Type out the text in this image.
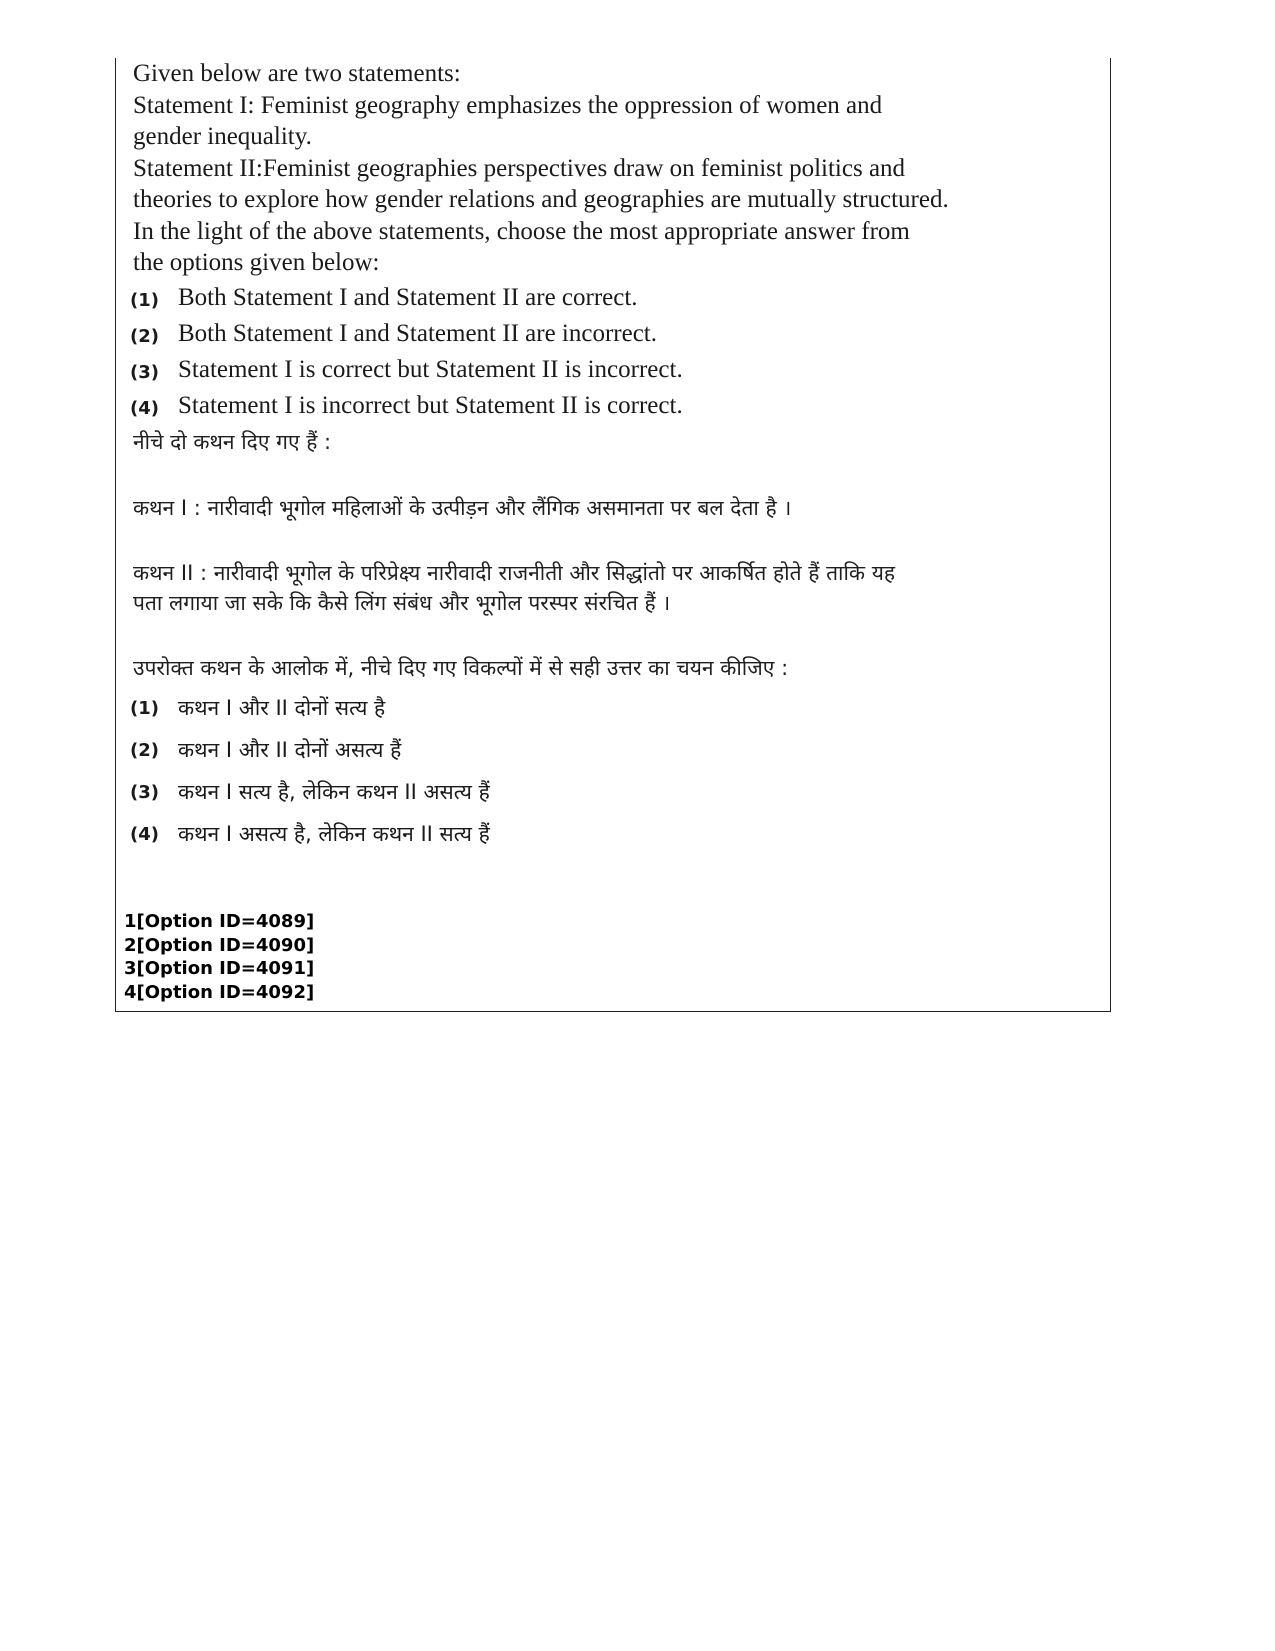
Given below are two statements:
Statement I: Feminist geography emphasizes the oppression of women and
gender inequality.
Statement II:Feminist geographies perspectives draw on feminist politics and
theories to explore how gender relations and geographies are mutually structured.
In the light of the above statements, choose the most appropriate answer from
the options given below:
(1) Both Statement I and Statement II are correct.
(2) Both Statement I and Statement II are incorrect.
(3) Statement I is correct but Statement II is incorrect.
(4) Statement I is incorrect but Statement II is correct.
नीचे दो कथन दिए गए हैं :
कथन I : नारीवादी भूगोल महिलाओं के उत्पीड़न और लैंगिक असमानता पर बल देता है ।
कथन II : नारीवादी भूगोल के परिप्रेक्ष्य नारीवादी राजनीती और सिद्धांतो पर आकर्षित होते हैं ताकि यह
पता लगाया जा सके कि कैसे लिंग संबंध और भूगोल परस्पर संरचित हैं ।
उपरोक्त कथन के आलोक में, नीचे दिए गए विकल्पों में से सही उत्तर का चयन कीजिए :
(1) कथन I और II दोनों सत्य है
(2) कथन I और II दोनों असत्य हैं
(3) कथन I सत्य है, लेकिन कथन II असत्य हैं
(4) कथन I असत्य है, लेकिन कथन II सत्य हैं
1[Option ID=4089]
2[Option ID=4090]
3[Option ID=4091]
4[Option ID=4092]
